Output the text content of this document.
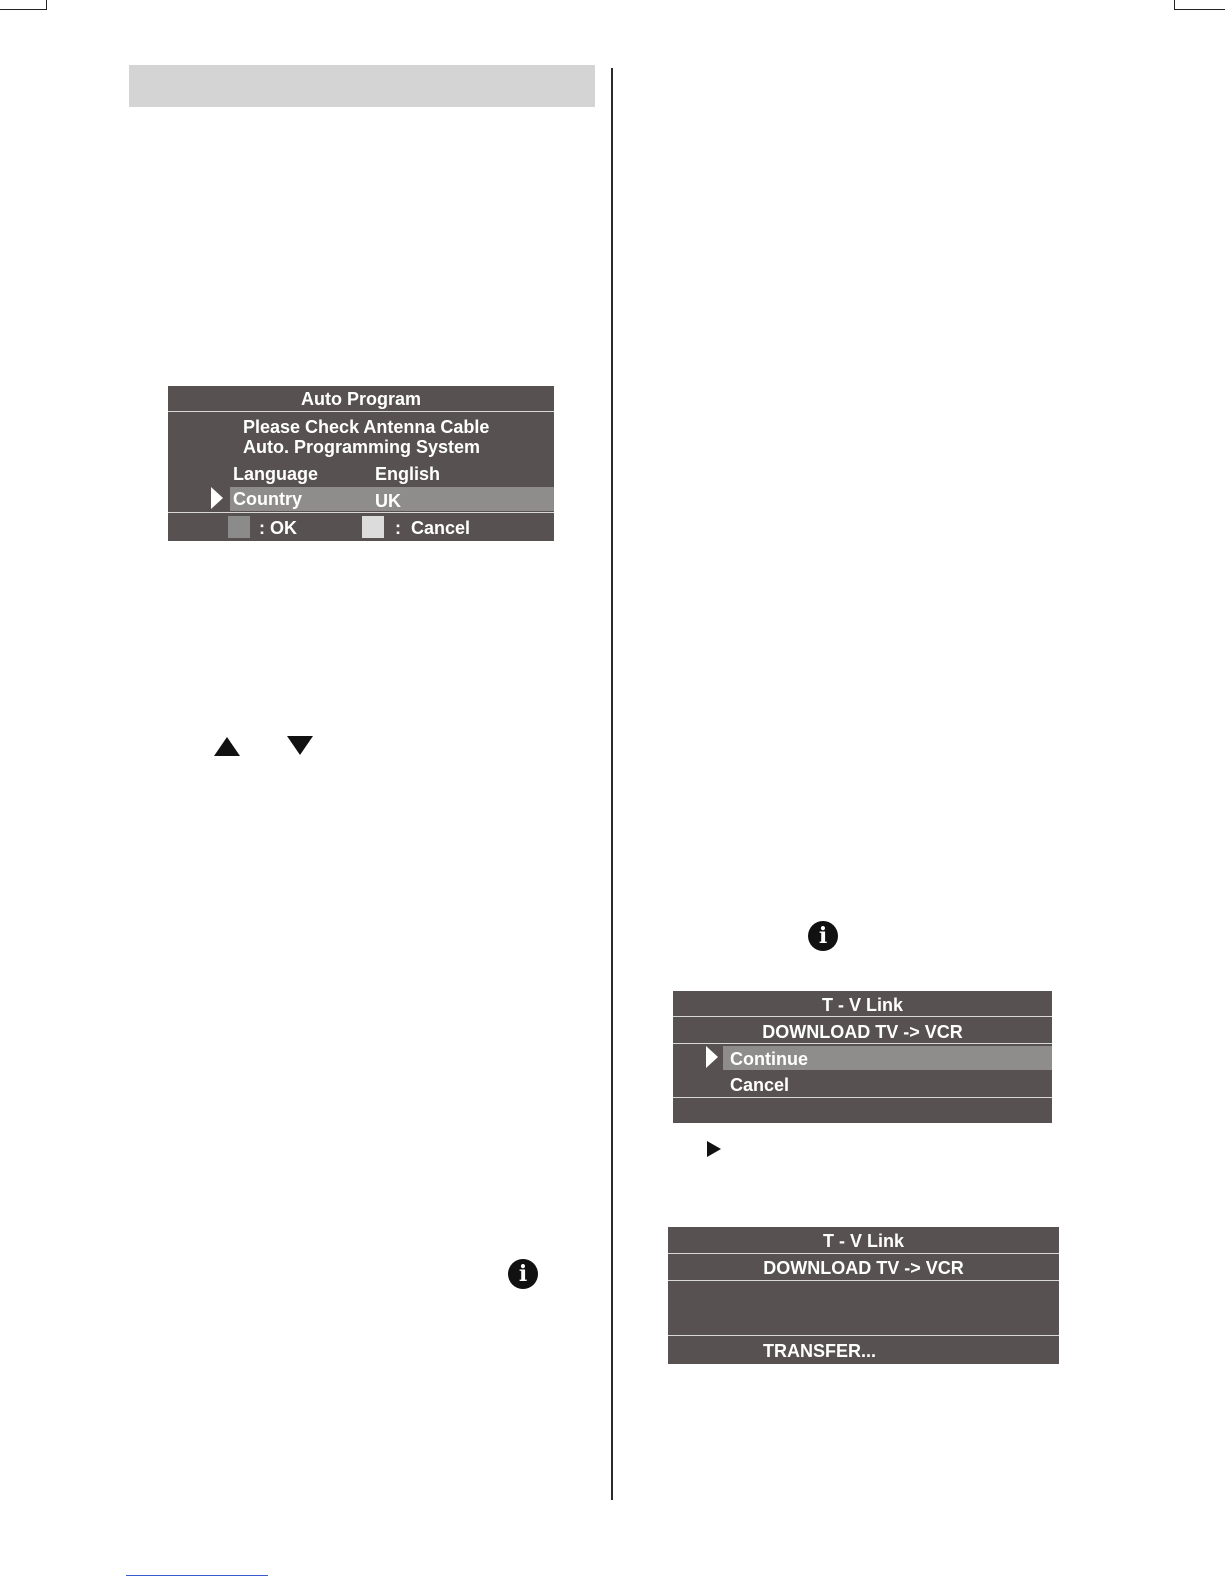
Auto Program
Please Check Antenna Cable
Auto. Programming System
Language	English
Country	UK
: OK	:  Cancel
i
i
T - V Link
DOWNLOAD TV -> VCR
Continue
Cancel
T - V Link
DOWNLOAD TV -> VCR
TRANSFER...
